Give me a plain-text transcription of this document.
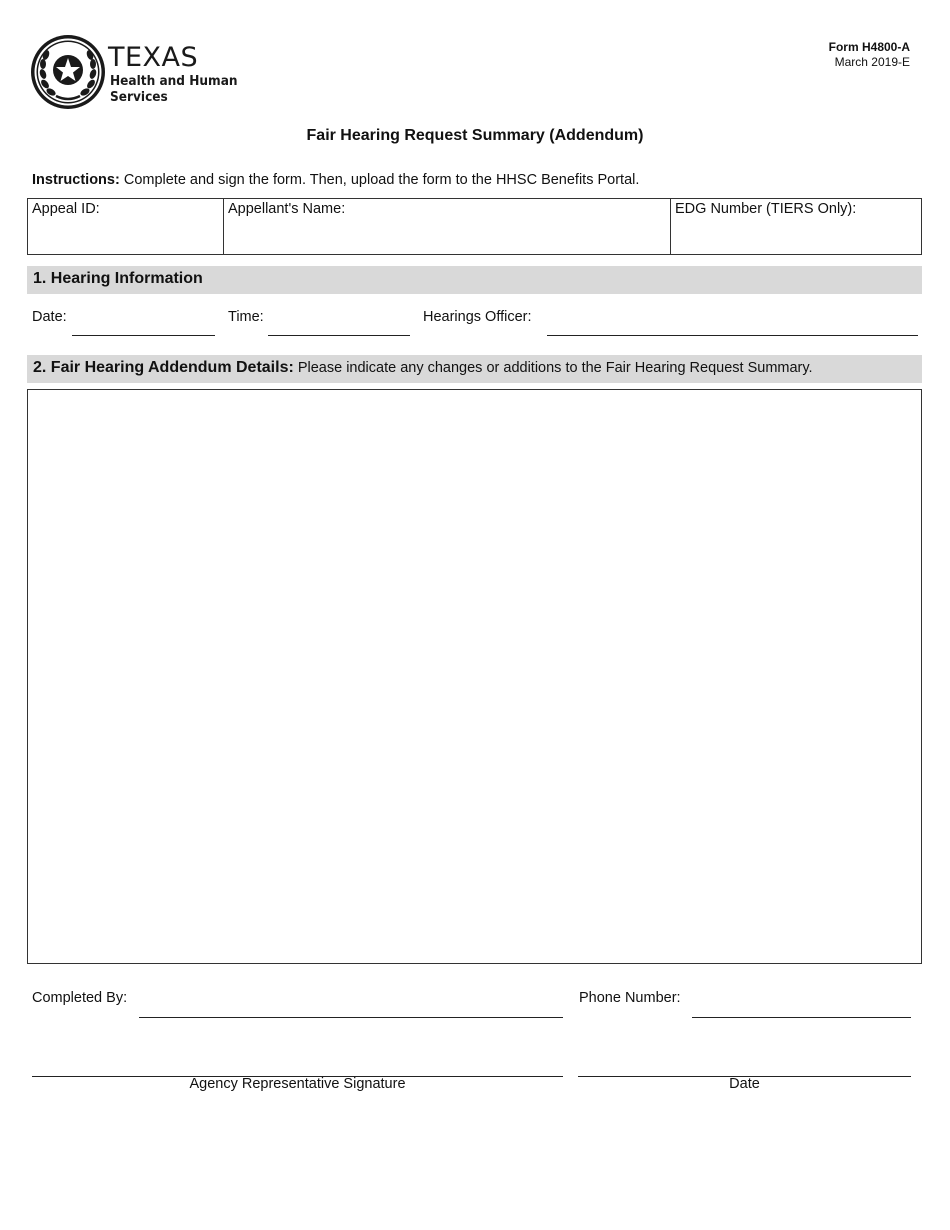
TEXAS
Health and Human
Services
Form H4800-A
March 2019-E
Fair Hearing Request Summary (Addendum)
Instructions: Complete and sign the form. Then, upload the form to the HHSC Benefits Portal.
Appeal ID:	Appellant's Name:	EDG Number (TIERS Only):
1. Hearing Information
Date:	Time:	Hearings Officer:
2. Fair Hearing Addendum Details: Please indicate any changes or additions to the Fair Hearing Request Summary.
Completed By:	Phone Number:
Agency Representative Signature	Date
